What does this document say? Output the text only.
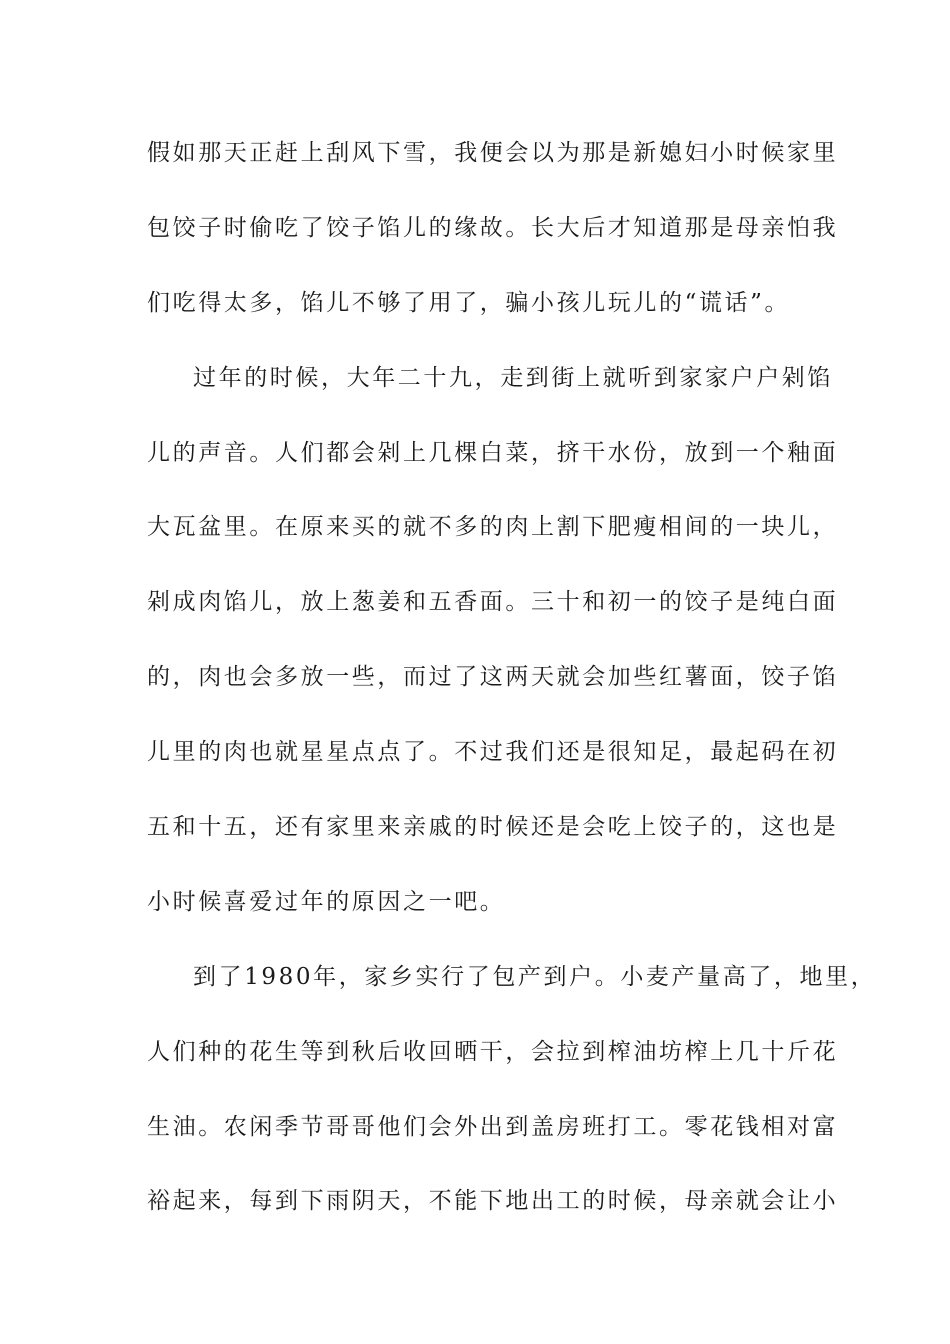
假如那天正赶上刮风下雪，我便会以为那是新媳妇小时候家里
包饺子时偷吃了饺子馅儿的缘故。长大后才知道那是母亲怕我
们吃得太多，馅儿不够了用了，骗小孩儿玩儿的“谎话”。
过年的时候，大年二十九，走到街上就听到家家户户剁馅
儿的声音。人们都会剁上几棵白菜，挤干水份，放到一个釉面
大瓦盆里。在原来买的就不多的肉上割下肥瘦相间的一块儿，
剁成肉馅儿，放上葱姜和五香面。三十和初一的饺子是纯白面
的，肉也会多放一些，而过了这两天就会加些红薯面，饺子馅
儿里的肉也就星星点点了。不过我们还是很知足，最起码在初
五和十五，还有家里来亲戚的时候还是会吃上饺子的，这也是
小时候喜爱过年的原因之一吧。
到了1980年，家乡实行了包产到户。小麦产量高了，地里，
人们种的花生等到秋后收回晒干，会拉到榨油坊榨上几十斤花
生油。农闲季节哥哥他们会外出到盖房班打工。零花钱相对富
裕起来，每到下雨阴天，不能下地出工的时候，母亲就会让小
